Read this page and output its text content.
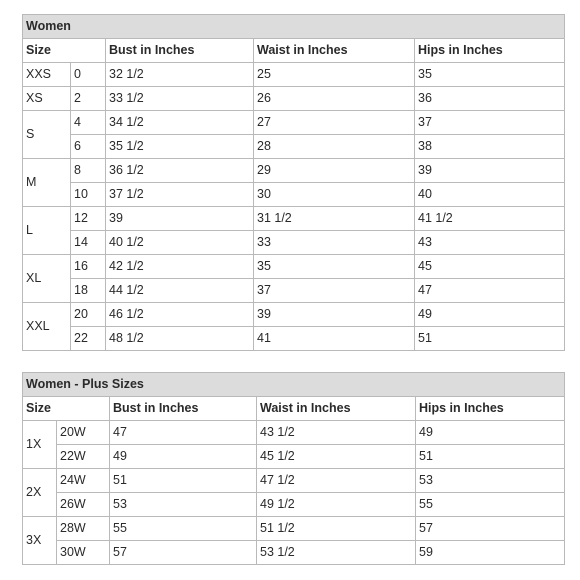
Women				
Size		Bust in Inches	Waist in Inches	Hips in Inches
XXS	0	32 1/2	25	35
XS	2	33 1/2	26	36
S	4	34 1/2	27	37
	6	35 1/2	28	38
M	8	36 1/2	29	39
	10	37 1/2	30	40
L	12	39	31 1/2	41 1/2
	14	40 1/2	33	43
XL	16	42 1/2	35	45
	18	44 1/2	37	47
XXL	20	46 1/2	39	49
	22	48 1/2	41	51
Women - Plus Sizes				
Size		Bust in Inches	Waist in Inches	Hips in Inches
1X	20W	47	43 1/2	49
	22W	49	45 1/2	51
2X	24W	51	47 1/2	53
	26W	53	49 1/2	55
3X	28W	55	51 1/2	57
	30W	57	53 1/2	59
